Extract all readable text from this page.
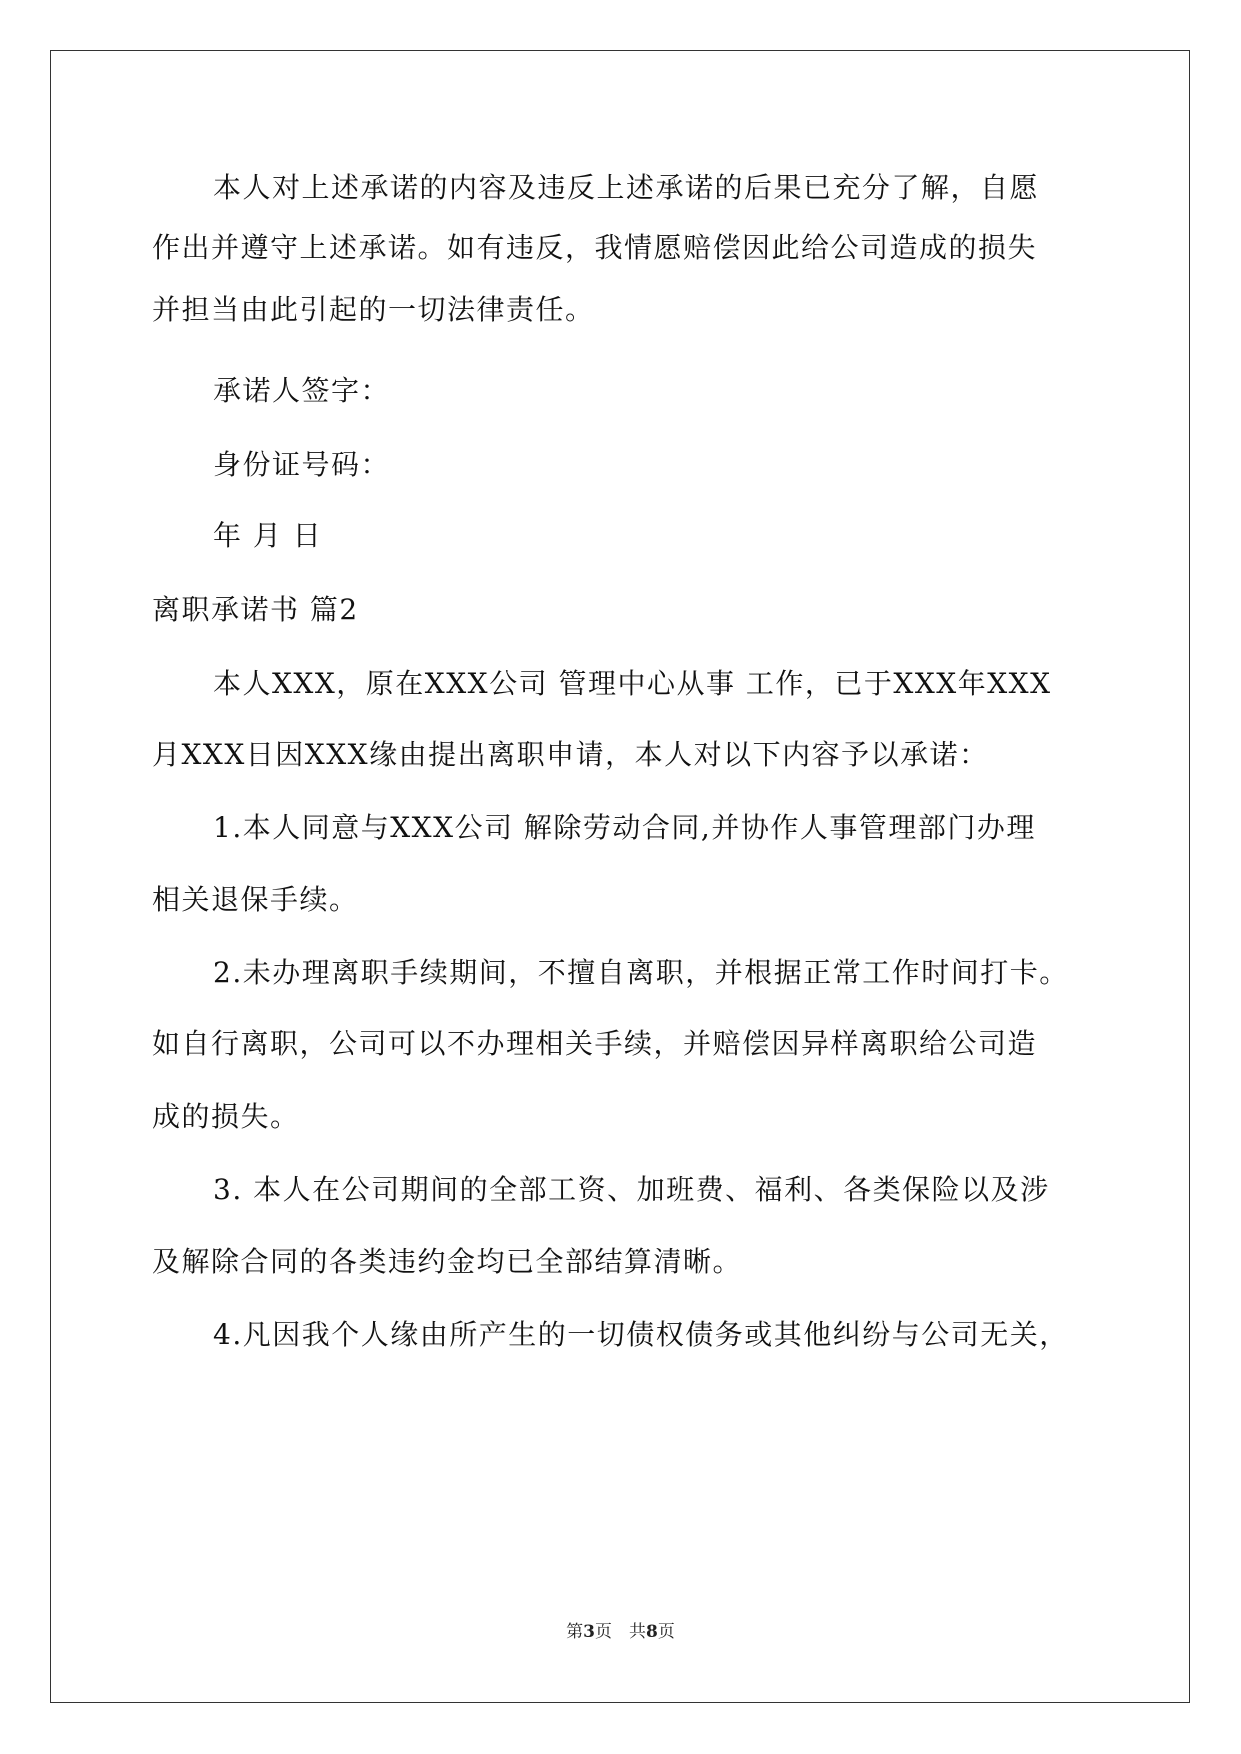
本人对上述承诺的内容及违反上述承诺的后果已充分了解，自愿
作出并遵守上述承诺。如有违反，我情愿赔偿因此给公司造成的损失
并担当由此引起的一切法律责任。
承诺人签字：
身份证号码：
年 月 日
离职承诺书 篇2
本人XXX，原在XXX公司 管理中心从事 工作，已于XXX年XXX
月XXX日因XXX缘由提出离职申请，本人对以下内容予以承诺：
1.本人同意与XXX公司 解除劳动合同,并协作人事管理部门办理
相关退保手续。
2.未办理离职手续期间，不擅自离职，并根据正常工作时间打卡。
如自行离职，公司可以不办理相关手续，并赔偿因异样离职给公司造
成的损失。
3. 本人在公司期间的全部工资、加班费、福利、各类保险以及涉
及解除合同的各类违约金均已全部结算清晰。
4.凡因我个人缘由所产生的一切债权债务或其他纠纷与公司无关，
第3页　共8页
